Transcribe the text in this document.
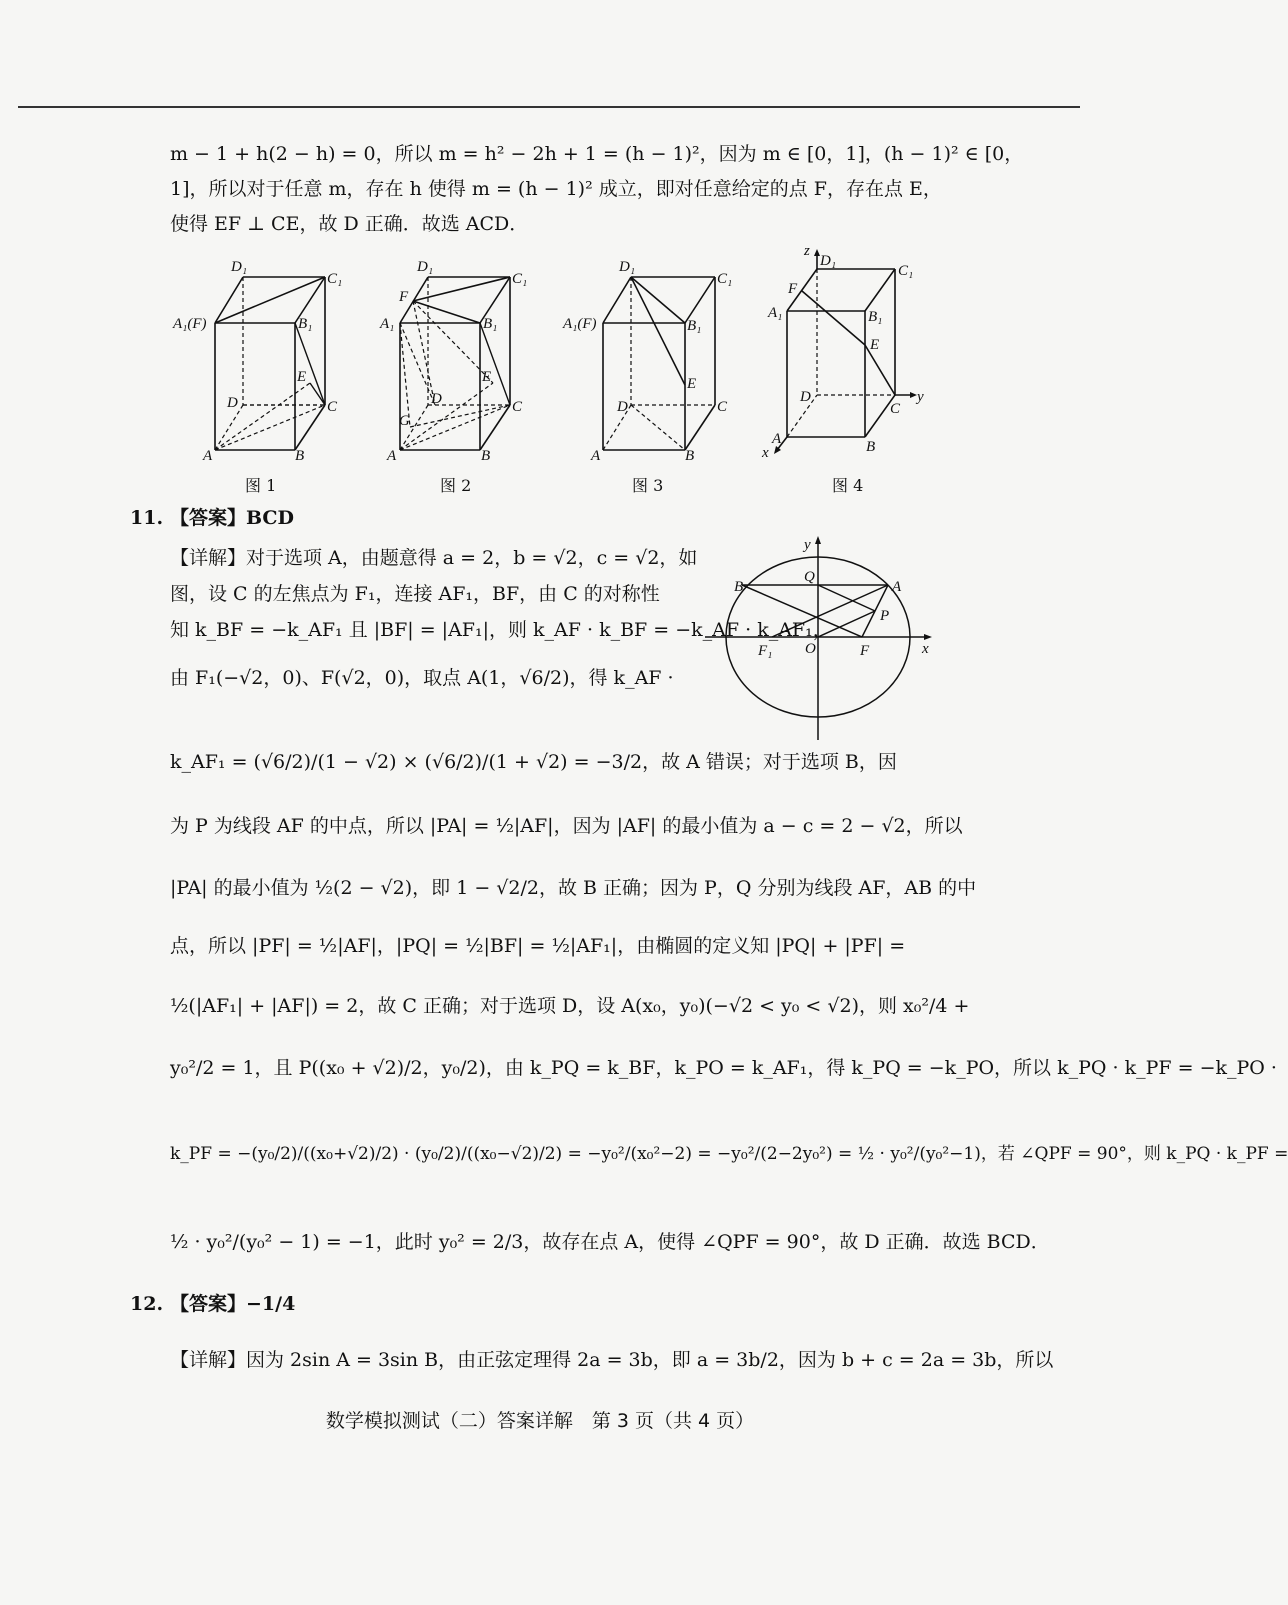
m − 1 + h(2 − h) = 0，所以 m = h² − 2h + 1 = (h − 1)²，因为 m ∈ [0，1]，(h − 1)² ∈ [0，
1]，所以对于任意 m，存在 h 使得 m = (h − 1)² 成立，即对任意给定的点 F，存在点 E，
使得 EF ⊥ CE，故 D 正确．故选 ACD．
D₁
C₁
A₁(F)	B₁
E
D	C
A	B
图 1
D₁
C₁
F
A₁	B₁
E
D	C
G
A	B
图 2
D₁
C₁
A₁(F)	B₁
E
D	C
A	B
图 3
z
D₁
C₁
F
A₁	B₁
E
D
C
y
A	B
x
图 4
11. 【答案】BCD
【详解】对于选项 A，由题意得 a = 2，b = √2，c = √2，如
图，设 C 的左焦点为 F₁，连接 AF₁，BF，由 C 的对称性
知 k_BF = −k_AF₁ 且 |BF| = |AF₁|，则 k_AF · k_BF = −k_AF · k_AF₁，
由 F₁(−√2，0)、F(√2，0)，取点 A(1，√6/2)，得 k_AF ·
k_AF₁ = (√6/2)/(1 − √2) × (√6/2)/(1 + √2) = −3/2，故 A 错误；对于选项 B，因
为 P 为线段 AF 的中点，所以 |PA| = ½|AF|，因为 |AF| 的最小值为 a − c = 2 − √2，所以
|PA| 的最小值为 ½(2 − √2)，即 1 − √2/2，故 B 正确；因为 P，Q 分别为线段 AF，AB 的中
点，所以 |PF| = ½|AF|，|PQ| = ½|BF| = ½|AF₁|，由椭圆的定义知 |PQ| + |PF| =
½(|AF₁| + |AF|) = 2，故 C 正确；对于选项 D，设 A(x₀，y₀)(−√2 < y₀ < √2)，则 x₀²/4 +
y₀²/2 = 1，且 P((x₀ + √2)/2，y₀/2)，由 k_PQ = k_BF，k_PO = k_AF₁，得 k_PQ = −k_PO，所以 k_PQ · k_PF = −k_PO ·
k_PF = −(y₀/2)/((x₀+√2)/2) · (y₀/2)/((x₀−√2)/2) = −y₀²/(x₀²−2) = −y₀²/(2−2y₀²) = ½ · y₀²/(y₀²−1)，若 ∠QPF = 90°，则 k_PQ · k_PF =
½ · y₀²/(y₀² − 1) = −1，此时 y₀² = 2/3，故存在点 A，使得 ∠QPF = 90°，故 D 正确．故选 BCD．
y
Q
B	A
P
F₁ O	F	x
12. 【答案】−1/4
【详解】因为 2sin A = 3sin B，由正弦定理得 2a = 3b，即 a = 3b/2，因为 b + c = 2a = 3b，所以
数学模拟测试（二）答案详解　第 3 页（共 4 页）
